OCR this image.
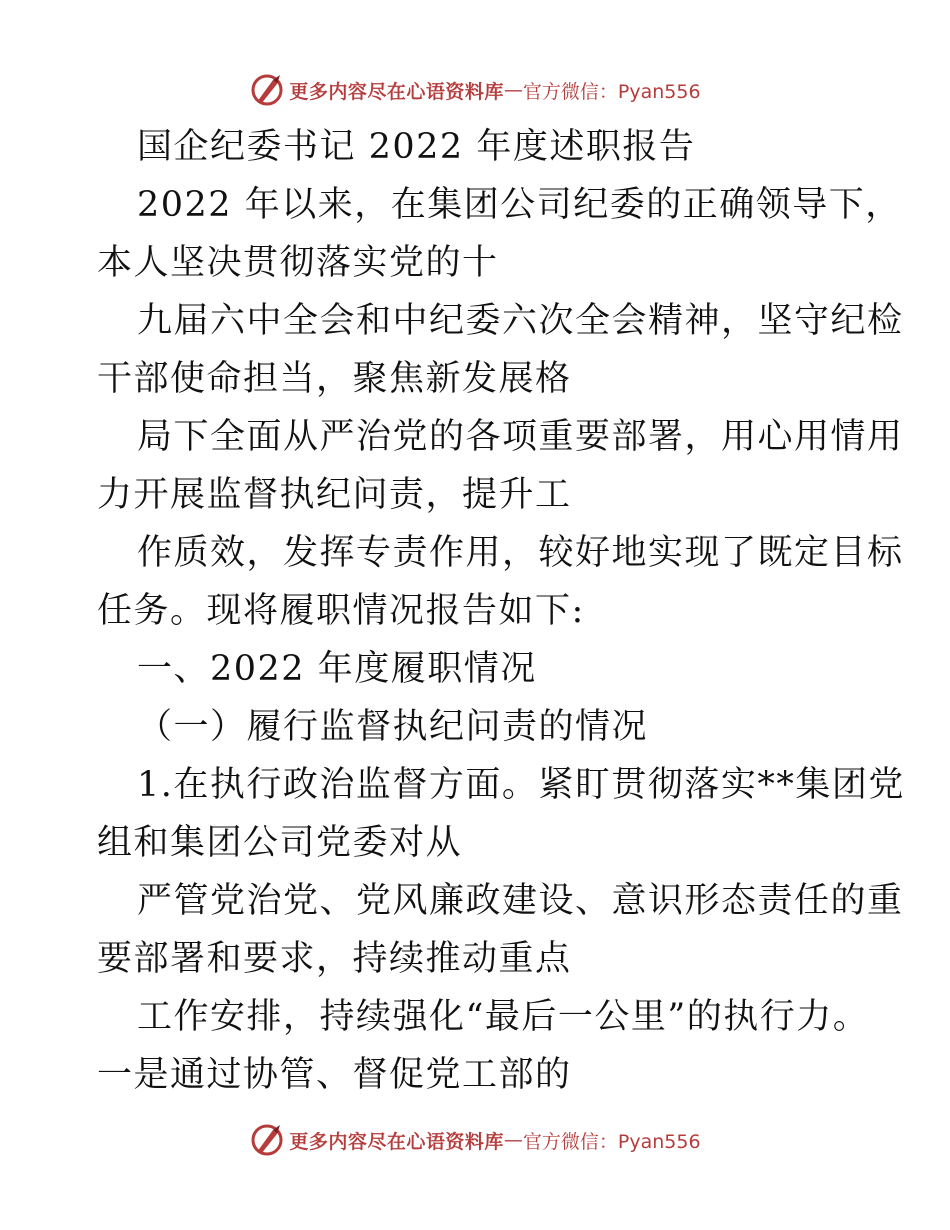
更多内容尽在心语资料库 — 官方微信：Pyan556
国企纪委书记 2022 年度述职报告
2022 年以来，在集团公司纪委的正确领导下，
本人坚决贯彻落实党的十
九届六中全会和中纪委六次全会精神，坚守纪检
干部使命担当，聚焦新发展格
局下全面从严治党的各项重要部署，用心用情用
力开展监督执纪问责，提升工
作质效，发挥专责作用，较好地实现了既定目标
任务。现将履职情况报告如下:
一、2022 年度履职情况
（一）履行监督执纪问责的情况
1.在执行政治监督方面。紧盯贯彻落实**集团党
组和集团公司党委对从
严管党治党、党风廉政建设、意识形态责任的重
要部署和要求，持续推动重点
工作安排，持续强化“最后一公里”的执行力。
一是通过协管、督促党工部的
更多内容尽在心语资料库 — 官方微信：Pyan556
